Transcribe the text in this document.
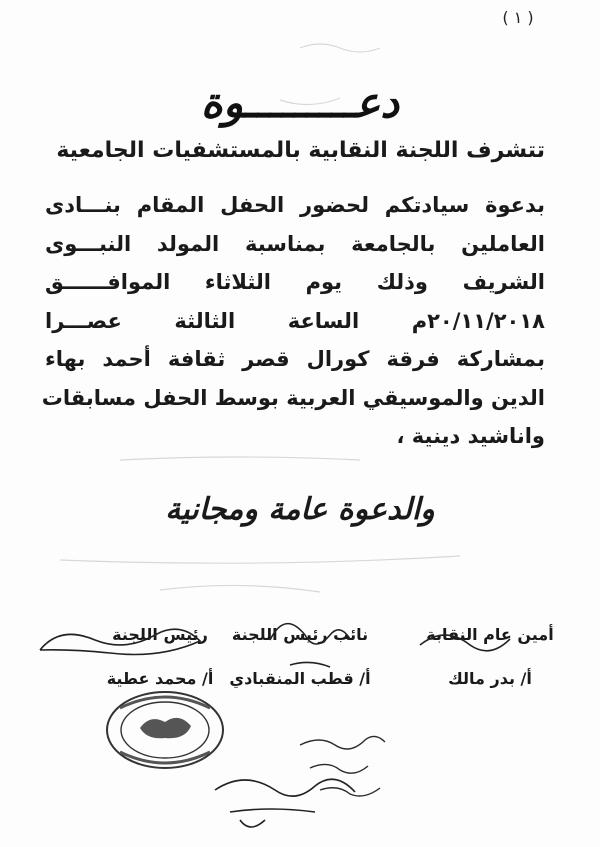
( ١ )
دعـــــــــوة
تتشرف اللجنة النقابية بالمستشفيات الجامعية
بدعوة سيادتكم لحضور الحفل المقام بنـــادى
العاملين بالجامعة بمناسبة المولد النبـــوى
الشريف وذلك يوم الثلاثاء الموافــــــق
٢٠/١١/٢٠١٨م الساعة الثالثة عصـــرا
بمشاركة فرقة كورال قصر ثقافة أحمد بهاء
الدين والموسيقي العربية بوسط الحفل مسابقات
واناشيد دينية ،
والدعوة عامة ومجانية
أمين عام النقابة
أ/ بدر مالك
نائب رئيس اللجنة
أ/ قطب المنقبادي
رئيس اللجنة
أ/ محمد عطية
